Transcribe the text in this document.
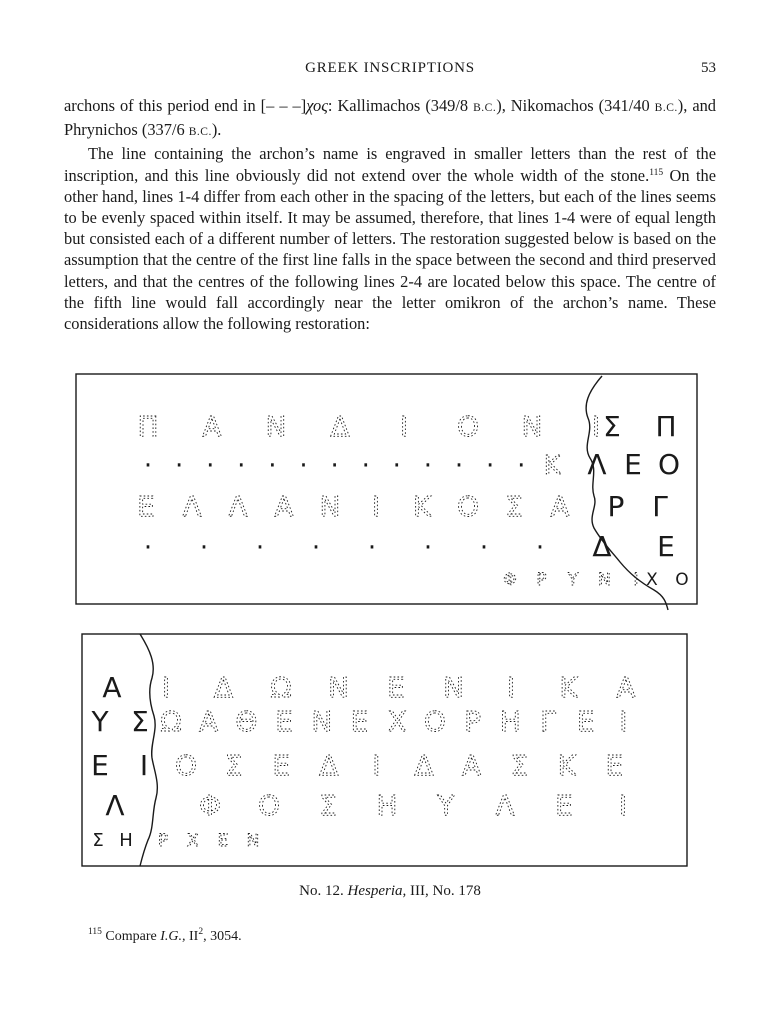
GREEK INSCRIPTIONS	53

archons of this period end in [– – –]χος: Kallimachos (349/8 B.C.), Nikomachos (341/40 B.C.), and Phrynichos (337/6 B.C.).

The line containing the archon’s name is engraved in smaller letters than the rest of the inscription, and this line obviously did not extend over the whole width of the stone.$^{115}$ On the other hand, lines 1-4 differ from each other in the spacing of the letters, but each of the lines seems to be evenly spaced within itself. It may be assumed, therefore, that lines 1-4 were of equal length but consisted each of a different number of letters. The restoration suggested below is based on the assumption that the centre of the first line falls in the space between the second and third preserved letters, and that the centres of the following lines 2-4 are located below this space. The centre of the fifth line would fall accordingly near the letter omikron of the archon’s name. These considerations allow the following restoration:

Π Α Ν Δ Ι Ο Ν Ι Σ Π
· · · · · · · · · · · · · Κ Λ Ε Ο
Ε Λ Λ Α Ν Ι Κ Ο Σ Α Ρ Γ
· · · · · · · · Δ Ε
Φ Ρ Υ Ν Ι Χ Ο
Α Ι Δ Ω Ν Ε Ν Ι Κ Α
Υ Σ Ω Α Θ Ε Ν Ε Χ Ο Ρ Η Γ Ε Ι
Ε Ι Ο Σ Ε Δ Ι Δ Α Σ Κ Ε
Λ	Φ Ο Σ Η Υ Λ Ε Ι
Σ Η Ρ Χ Ε Ν
No. 12. Hesperia, III, No. 178
$^{115}$ Compare I.G., $II^2$, 3054.
